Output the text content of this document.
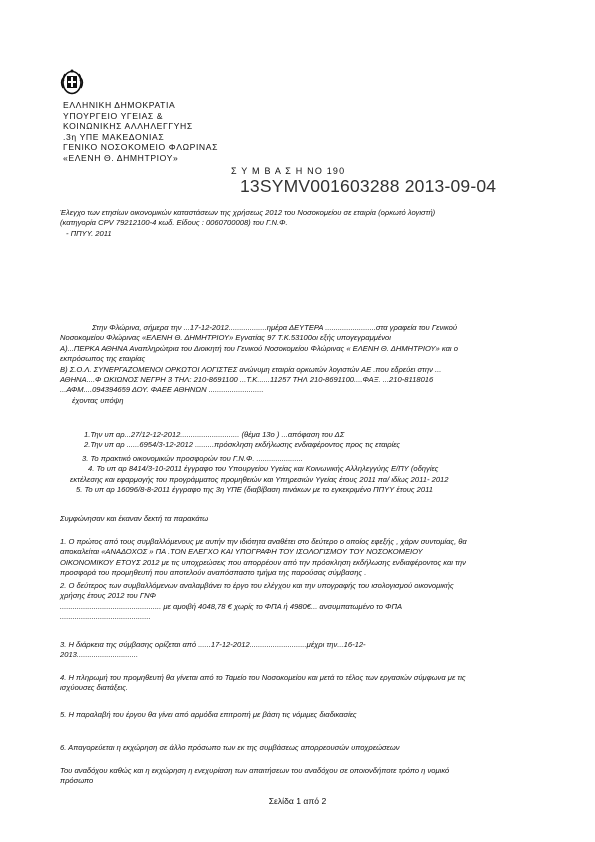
ΕΛΛΗΝΙΚΗ ΔΗΜΟΚΡΑΤΙΑ
ΥΠΟΥΡΓΕΙΟ ΥΓΕΙΑΣ &
ΚΟΙΝΩΝΙΚΗΣ ΑΛΛΗΛΕΓΓΥΗΣ
.3η ΥΠΕ ΜΑΚΕΔΟΝΙΑΣ
ΓΕΝΙΚΟ ΝΟΣΟΚΟΜΕΙΟ ΦΛΩΡΙΝΑΣ
«ΕΛΕΝΗ Θ. ΔΗΜΗΤΡΙΟΥ»
Σ Υ Μ Β Α Σ Η ΝΟ 190
13SYMV001603288 2013-09-04
Έλεγχο των ετησίων οικονομικών καταστάσεων της χρήσεως 2012 του Νοσοκομείου σε εταιρία (ορκωτό λογιστή)
(κατηγορία CPV 79212100-4 κωδ. Είδους : 0060700008) του Γ.Ν.Φ.
- ΠΠΥΥ. 2011
Στην Φλώρινα, σήμερα την ...17-12-2012..................ημέρα ΔΕΥΤΕΡΑ ........................στα γραφεία του Γενικού
Νοσοκομείου Φλώρινας «ΕΛΕΝΗ Θ. ΔΗΜΗΤΡΙΟΥ» Εγνατίας 97 Τ.Κ.53100οι εξής υπογεγραμμένοι
Α)...ΠΕΡΚΑ ΑΘΗΝΑ Αναπληρώτρια του Διοικητή του Γενικού Νοσοκομείου Φλώρινας « ΕΛΕΝΗ Θ. ΔΗΜΗΤΡΙΟΥ» και ο
εκπρόσωπος της εταιρίας
Β) Σ.Ο.Λ. ΣΥΝΕΡΓΑΖΟΜΕΝΟΙ ΟΡΚΩΤΟΙ ΛΟΓΙΣΤΕΣ ανώνυμη εταιρία ορκωτών λογιστών ΑΕ .που εδρεύει στην ...
ΑΘΗΝΑ....Φ ΩΚΙΩΝΟΣ ΝΕΓΡΗ 3 ΤΗΛ: 210-8691100 ...Τ.Κ......11257 ΤΗΛ 210-8691100....ΦΑΞ. ...210-8118016
...ΑΦΜ....094394659 ΔΟΥ. ΦΑΕΕ ΑΘΗΝΩΝ ..........................
έχοντας υπόψη
1.Την υπ αρ...27/12-12-2012............................ (θέμα 13ο ) ...απόφαση του ΔΣ
2.Την υπ αρ ......6954/3-12-2012 .........πρόσκληση εκδήλωσης ενδιαφέροντος προς τις εταιρίες
3. Το πρακτικό οικονομικών προσφορών του Γ.Ν.Φ. ......................
4. Το υπ αρ 8414/3-10-2011 έγγραφο του Υπουργείου Υγείας και Κοινωνικής Αλληλεγγύης Ε/ΠΥ (οδηγίες
εκτέλεσης και εφαρμογής του προγράμματος προμηθειών και Υπηρεσιών Υγείας έτους 2011 πα/ ιδίως 2011- 2012
5. Το υπ αρ 16096/8-8-2011 έγγραφο της 3η ΥΠΕ (διαβίβαση πινάκων με το εγκεκριμένο ΠΠΥΥ έτους 2011
Συμφώνησαν και έκαναν δεκτή τα παρακάτω
1. Ο πρώτος από τους συμβαλλόμενους με αυτήν την ιδιότητα αναθέτει στο δεύτερο ο οποίος εφεξής , χάριν συντομίας, θα
αποκαλείται «ΑΝΑΔΟΧΟΣ » ΠΑ .ΤΟΝ ΕΛΕΓΧΟ ΚΑΙ ΥΠΟΓΡΑΦΗ ΤΟΥ ΙΣΟΛΟΓΙΣΜΟΥ ΤΟΥ ΝΟΣΟΚΟΜΕΙΟΥ
ΟΙΚΟΝΟΜΙΚΟΥ ΕΤΟΥΣ 2012 με τις υποχρεώσεις που απορρέουν από την πρόσκληση εκδήλωσης ενδιαφέροντος και την
προσφορά του προμηθευτή που αποτελούν αναπόσπαστο τμήμα της παρούσας σύμβασης .
2. Ο δεύτερος των συμβαλλόμενων αναλαμβάνει το έργο του ελέγχου και την υπογραφής του ισολογισμού οικονομικής
χρήσης έτους 2012 του ΓΝΦ
................................................ με αμοιβή 4048,78 € χωρίς το ΦΠΑ ή 4980€... ανσυμπατωμένο το ΦΠΑ
...........................................
3. Η διάρκεια της σύμβασης ορίζεται από ......17-12-2012...........................μέχρι την...16-12-
2013.............................
4. Η πληρωμή του προμηθευτή θα γίνεται από το Ταμείο του Νοσοκομείου και μετά το τέλος των εργασιών σύμφωνα με τις
ισχύουσες διατάξεις.
5. Η παραλαβή του έργου θα γίνει από αρμόδια επιτροπή με βάση τις νόμιμες διαδικασίες
6. Απαγορεύεται η εκχώρηση σε άλλο πρόσωπο των εκ της συμβάσεως απορρεουσών υποχρεώσεων
Του αναδόχου καθώς και η εκχώρηση η ενεχυρίαση των απαιτήσεων του αναδόχου σε οποιονδήποτε τρόπο η νομικό
πρόσωπο
Σελίδα 1 από 2
